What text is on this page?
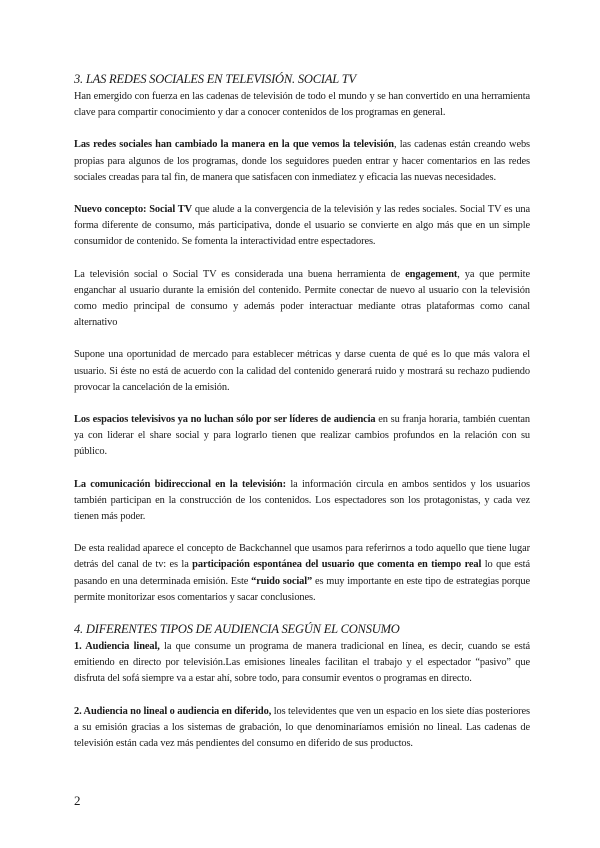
3. LAS REDES SOCIALES EN TELEVISIÓN. SOCIAL TV

Han emergido con fuerza en las cadenas de televisión de todo el mundo y se han convertido en una herramienta clave para compartir conocimiento y dar a conocer contenidos de los programas en general.

Las redes sociales han cambiado la manera en la que vemos la televisión, las cadenas están creando webs propias para algunos de los programas, donde los seguidores pueden entrar y hacer comentarios en las redes sociales creadas para tal fin, de manera que satisfacen con inmediatez y eficacia las nuevas necesidades.

Nuevo concepto: Social TV que alude a la convergencia de la televisión y las redes sociales. Social TV es una forma diferente de consumo, más participativa, donde el usuario se convierte en algo más que en un simple consumidor de contenido. Se fomenta la interactividad entre espectadores.

La televisión social o Social TV es considerada una buena herramienta de engagement, ya que permite enganchar al usuario durante la emisión del contenido. Permite conectar de nuevo al usuario con la televisión como medio principal de consumo y además poder interactuar mediante otras plataformas como canal alternativo

Supone una oportunidad de mercado para establecer métricas y darse cuenta de qué es lo que más valora el usuario. Si éste no está de acuerdo con la calidad del contenido generará ruido y mostrará su rechazo pudiendo provocar la cancelación de la emisión.

Los espacios televisivos ya no luchan sólo por ser líderes de audiencia en su franja horaria, también cuentan ya con liderar el share social y para lograrlo tienen que realizar cambios profundos en la relación con su público.

La comunicación bidireccional en la televisión: la información circula en ambos sentidos y los usuarios también participan en la construcción de los contenidos. Los espectadores son los protagonistas, y cada vez tienen más poder.

De esta realidad aparece el concepto de Backchannel que usamos para referirnos a todo aquello que tiene lugar detrás del canal de tv: es la participación espontánea del usuario que comenta en tiempo real lo que está pasando en una determinada emisión. Este “ruido social” es muy importante en este tipo de estrategias porque permite monitorizar esos comentarios y sacar conclusiones.

4. DIFERENTES TIPOS DE AUDIENCIA SEGÚN EL CONSUMO

1. Audiencia lineal, la que consume un programa de manera tradicional en línea, es decir, cuando se está emitiendo en directo por televisión.Las emisiones lineales facilitan el trabajo y el espectador “pasivo” que disfruta del sofá siempre va a estar ahí, sobre todo, para consumir eventos o programas en directo.

2. Audiencia no lineal o audiencia en diferido, los televidentes que ven un espacio en los siete días posteriores a su emisión gracias a los sistemas de grabación, lo que denominaríamos emisión no lineal. Las cadenas de televisión están cada vez más pendientes del consumo en diferido de sus productos.

2
